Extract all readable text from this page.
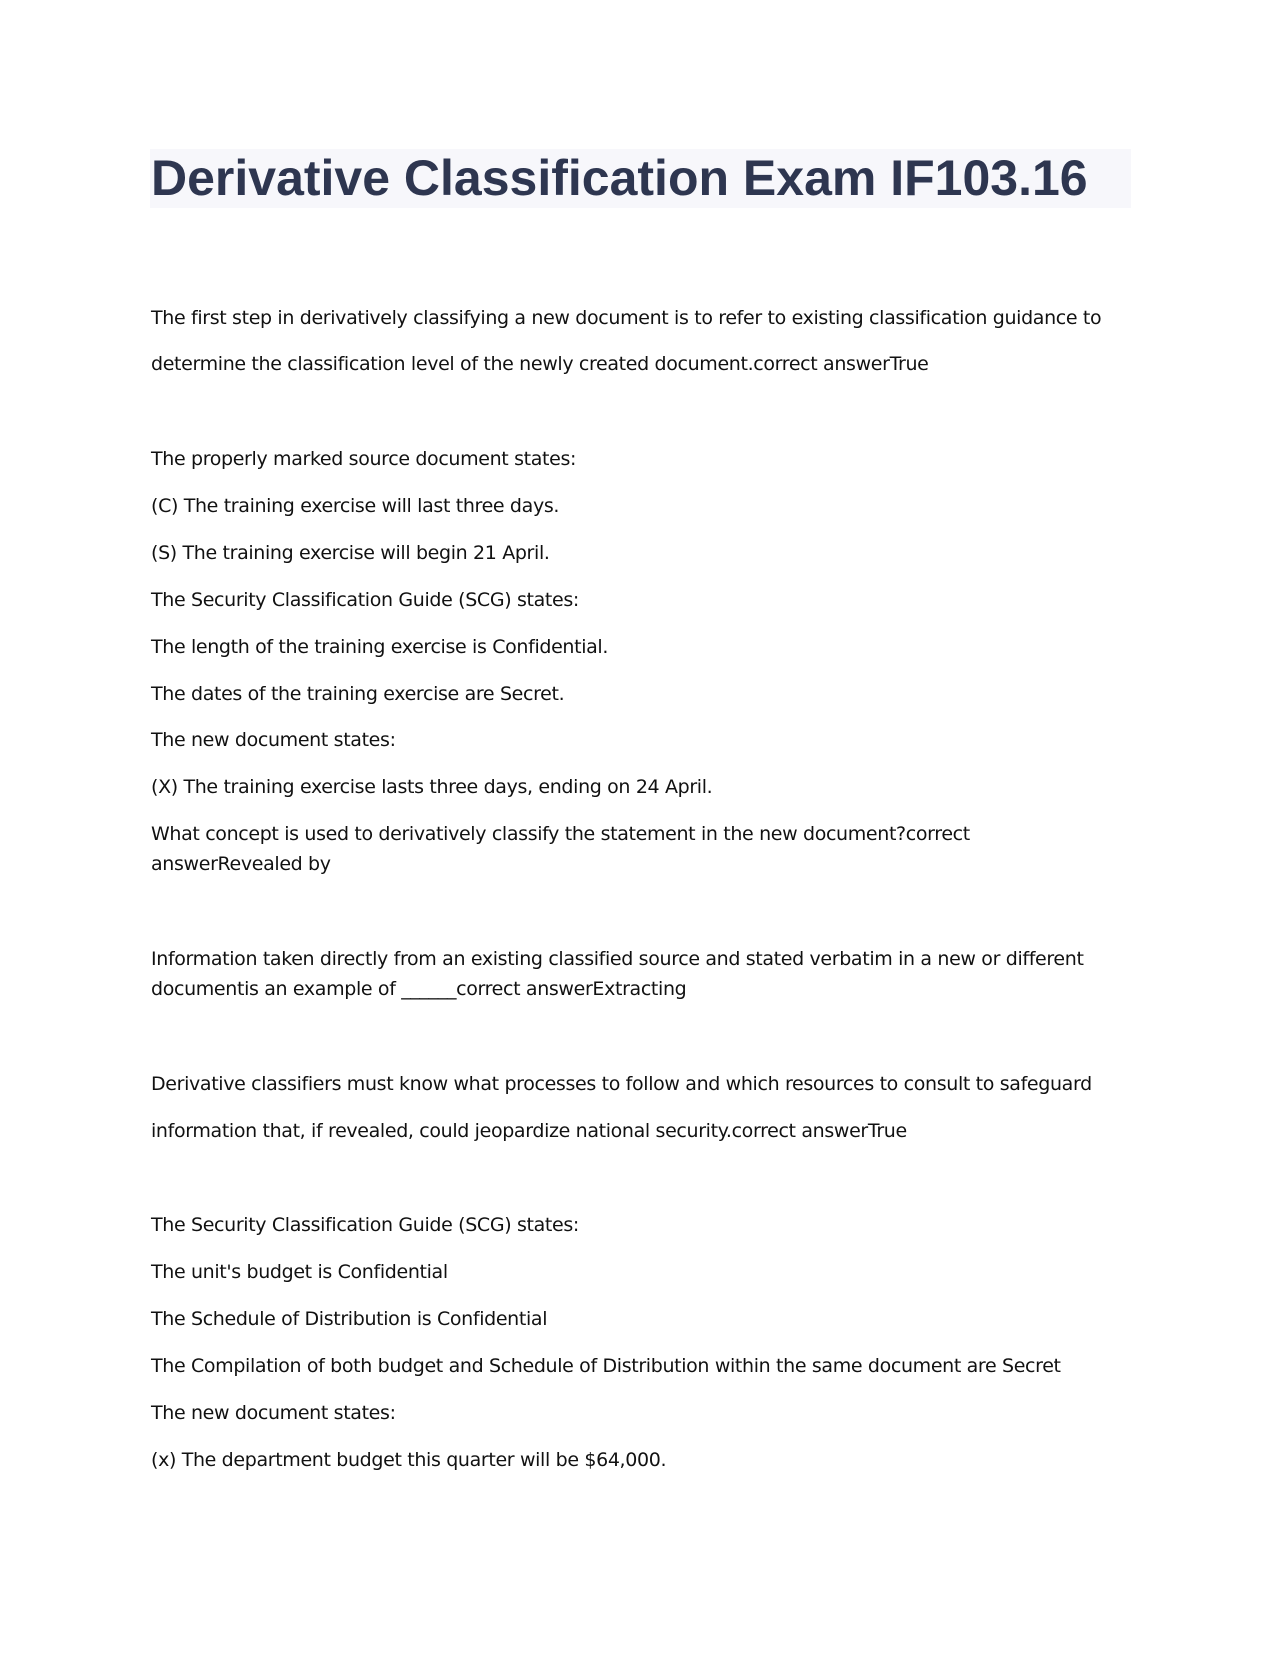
Derivative Classification Exam IF103.16

The first step in derivatively classifying a new document is to refer to existing classification guidance to

determine the classification level of the newly created document.correct answerTrue

The properly marked source document states:

(C) The training exercise will last three days.

(S) The training exercise will begin 21 April.

The Security Classification Guide (SCG) states:

The length of the training exercise is Confidential.

The dates of the training exercise are Secret.

The new document states:

(X) The training exercise lasts three days, ending on 24 April.

What concept is used to derivatively classify the statement in the new document?correct

answerRevealed by

Information taken directly from an existing classified source and stated verbatim in a new or different

documentis an example of ______correct answerExtracting

Derivative classifiers must know what processes to follow and which resources to consult to safeguard

information that, if revealed, could jeopardize national security.correct answerTrue

The Security Classification Guide (SCG) states:

The unit's budget is Confidential

The Schedule of Distribution is Confidential

The Compilation of both budget and Schedule of Distribution within the same document are Secret

The new document states:

(x) The department budget this quarter will be $64,000.
